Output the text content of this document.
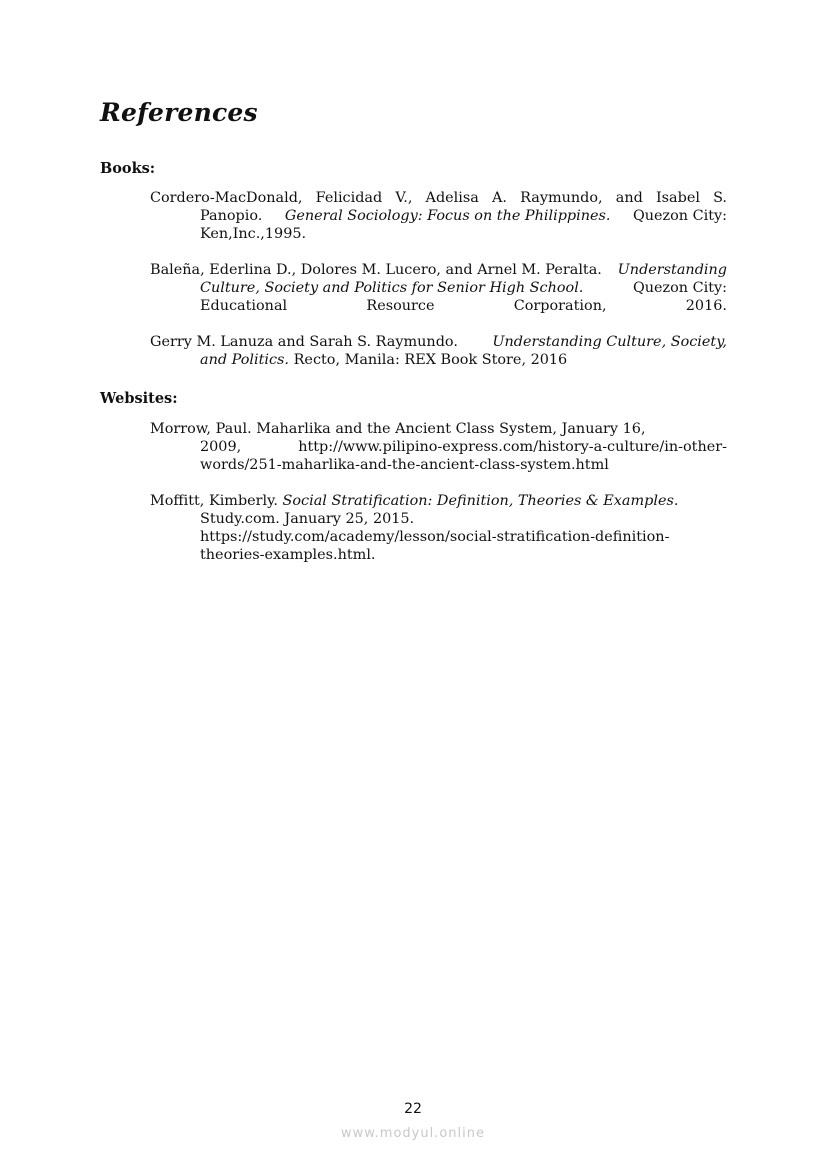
References
Books:
Cordero-MacDonald, Felicidad V., Adelisa A. Raymundo, and Isabel S.
Panopio. General Sociology: Focus on the Philippines. Quezon City:
Ken,Inc.,1995.
Baleña, Ederlina D., Dolores M. Lucero, and Arnel M. Peralta. Understanding
Culture, Society and Politics for Senior High School.	Quezon City:
Educational	Resource	Corporation,	2016.
Gerry M. Lanuza and Sarah S. Raymundo. Understanding Culture, Society,
and Politics. Recto, Manila: REX Book Store, 2016
Websites:
Morrow, Paul. Maharlika and the Ancient Class System, January 16,
2009,	http://www.pilipino-express.com/history-a-culture/in-other-
words/251-maharlika-and-the-ancient-class-system.html
Moffitt, Kimberly. Social Stratification: Definition, Theories & Examples.
Study.com. January 25, 2015.
https://study.com/academy/lesson/social-stratification-definition-
theories-examples.html.
22
www.modyul.online
